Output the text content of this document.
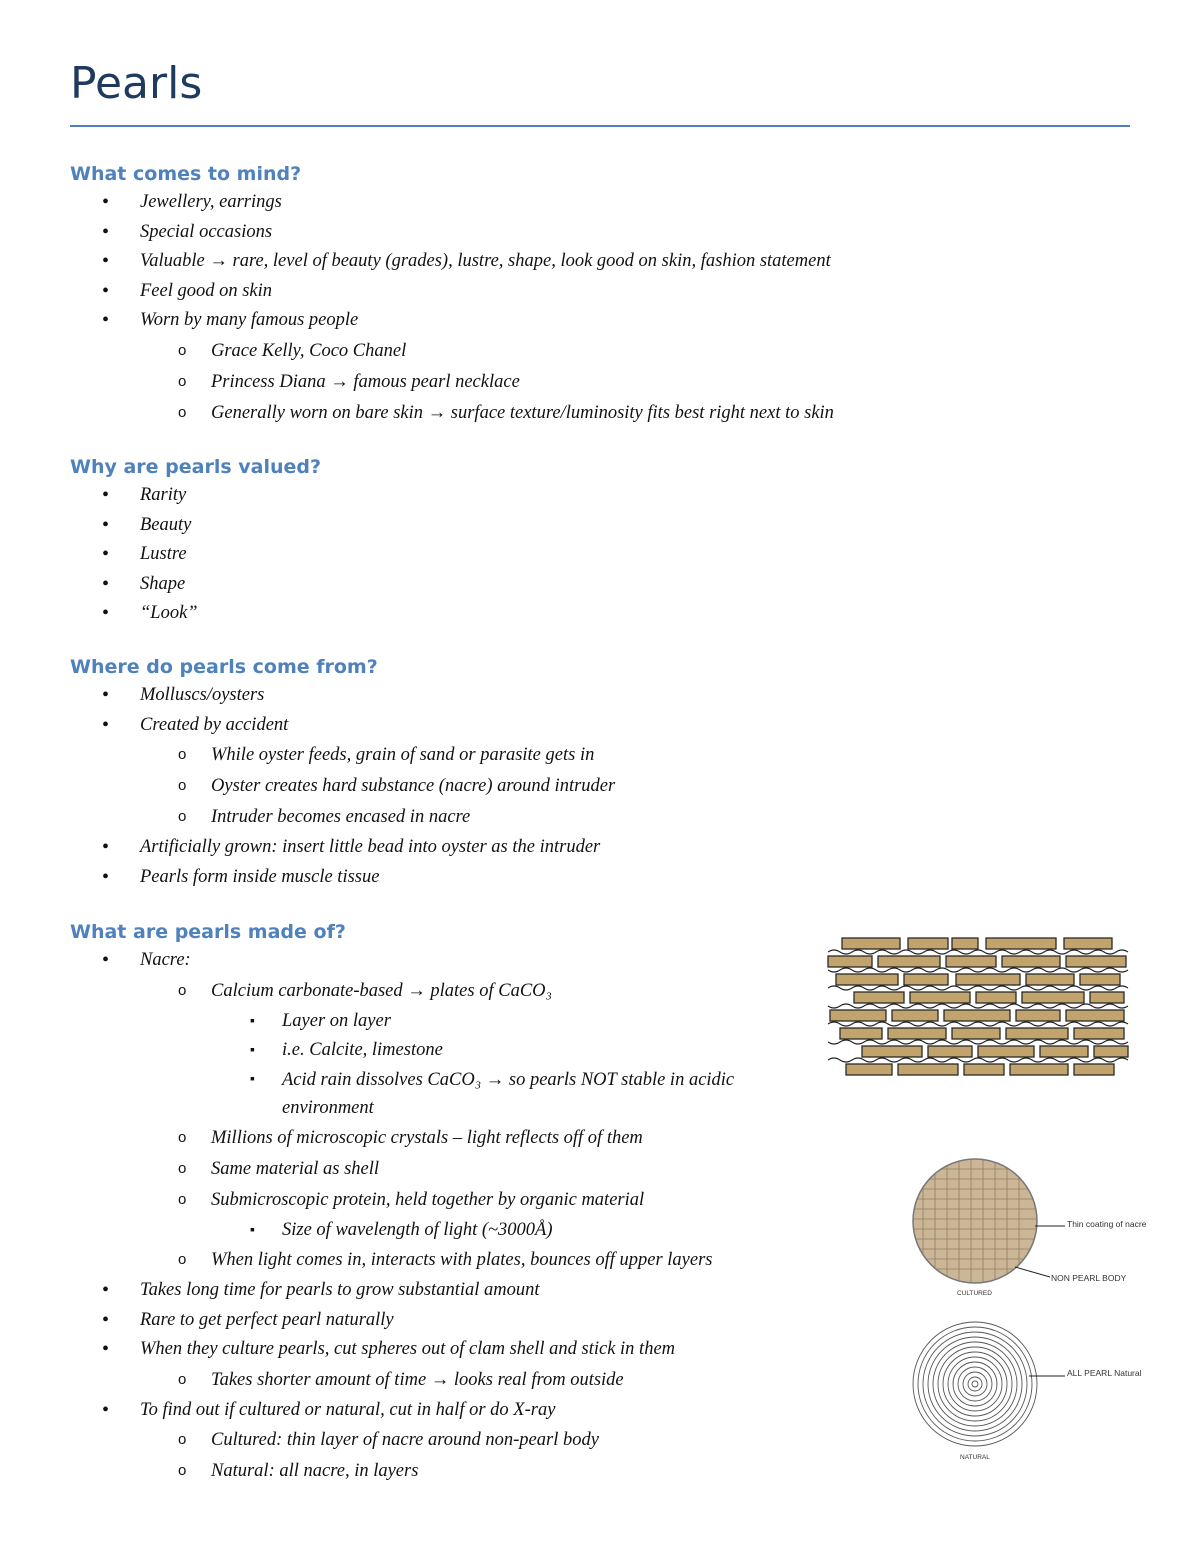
Pearls
What comes to mind?
• Jewellery, earrings
• Special occasions
• Valuable → rare, level of beauty (grades), lustre, shape, look good on skin, fashion statement
• Feel good on skin
• Worn by many famous people
o Grace Kelly, Coco Chanel
o Princess Diana → famous pearl necklace
o Generally worn on bare skin → surface texture/luminosity fits best right next to skin
Why are pearls valued?
• Rarity
• Beauty
• Lustre
• Shape
• “Look”
Where do pearls come from?
• Molluscs/oysters
• Created by accident
o While oyster feeds, grain of sand or parasite gets in
o Oyster creates hard substance (nacre) around intruder
o Intruder becomes encased in nacre
• Artificially grown: insert little bead into oyster as the intruder
• Pearls form inside muscle tissue
What are pearls made of?
• Nacre:
o Calcium carbonate-based → plates of CaCO₃
▪ Layer on layer
▪ i.e. Calcite, limestone
▪ Acid rain dissolves CaCO₃ → so pearls NOT stable in acidic environment
o Millions of microscopic crystals – light reflects off of them
o Same material as shell
o Submicroscopic protein, held together by organic material
▪ Size of wavelength of light (~3000Å)
o When light comes in, interacts with plates, bounces off upper layers
• Takes long time for pearls to grow substantial amount
• Rare to get perfect pearl naturally
• When they culture pearls, cut spheres out of clam shell and stick in them
o Takes shorter amount of time → looks real from outside
• To find out if cultured or natural, cut in half or do X-ray
o Cultured: thin layer of nacre around non-pearl body
o Natural: all nacre, in layers
Thin coating of nacre
NON PEARL BODY
CULTURED
ALL PEARL Natural
NATURAL
